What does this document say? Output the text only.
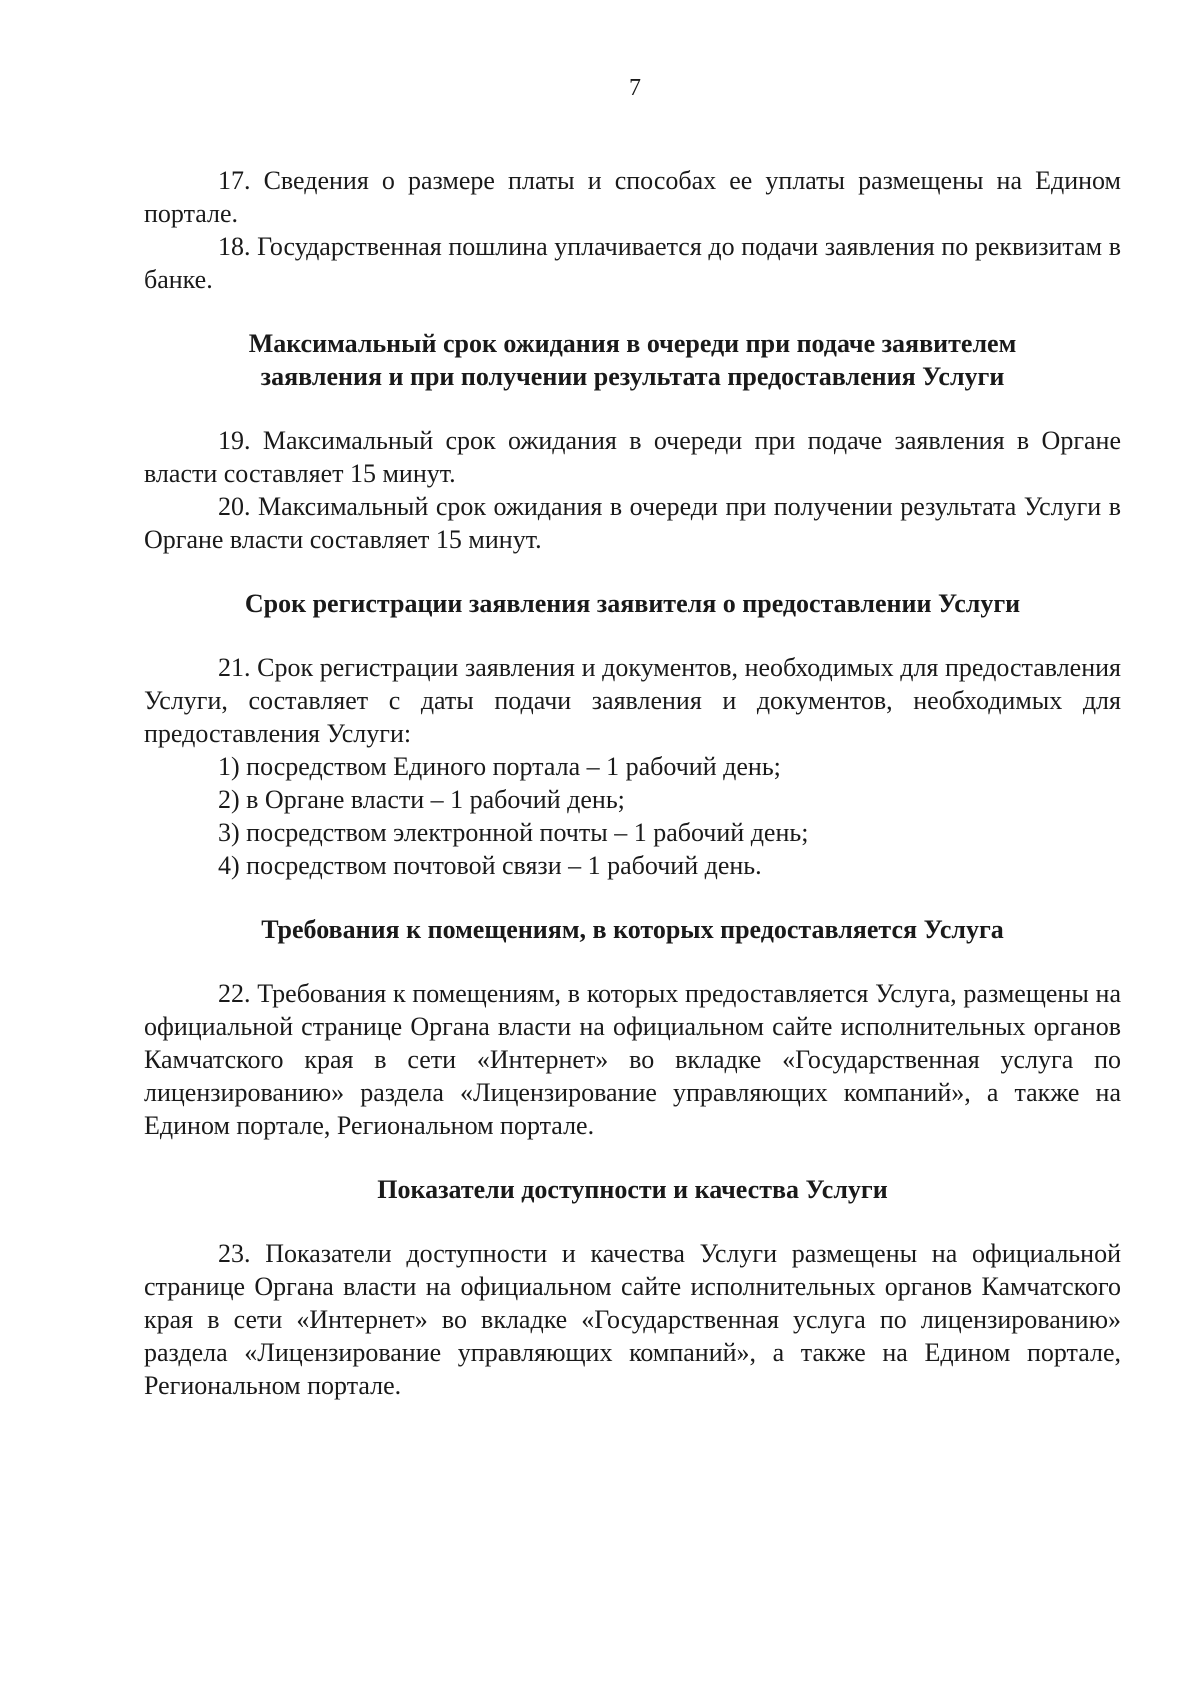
7

17. Сведения о размере платы и способах ее уплаты размещены на Едином портале.

18. Государственная пошлина уплачивается до подачи заявления по реквизитам в банке.

Максимальный срок ожидания в очереди при подаче заявителем
заявления и при получении результата предоставления Услуги

19. Максимальный срок ожидания в очереди при подаче заявления в Органе власти составляет 15 минут.

20. Максимальный срок ожидания в очереди при получении результата Услуги в Органе власти составляет 15 минут.

Срок регистрации заявления заявителя о предоставлении Услуги

21. Срок регистрации заявления и документов, необходимых для предоставления Услуги, составляет с даты подачи заявления и документов, необходимых для предоставления Услуги:

1) посредством Единого портала – 1 рабочий день;

2) в Органе власти – 1 рабочий день;

3) посредством электронной почты – 1 рабочий день;

4) посредством почтовой связи – 1 рабочий день.

Требования к помещениям, в которых предоставляется Услуга

22. Требования к помещениям, в которых предоставляется Услуга, размещены на официальной странице Органа власти на официальном сайте исполнительных органов Камчатского края в сети «Интернет» во вкладке «Государственная услуга по лицензированию» раздела «Лицензирование управляющих компаний», а также на Едином портале, Региональном портале.

Показатели доступности и качества Услуги

23. Показатели доступности и качества Услуги размещены на официальной странице Органа власти на официальном сайте исполнительных органов Камчатского края в сети «Интернет» во вкладке «Государственная услуга по лицензированию» раздела «Лицензирование управляющих компаний», а также на Едином портале, Региональном портале.
